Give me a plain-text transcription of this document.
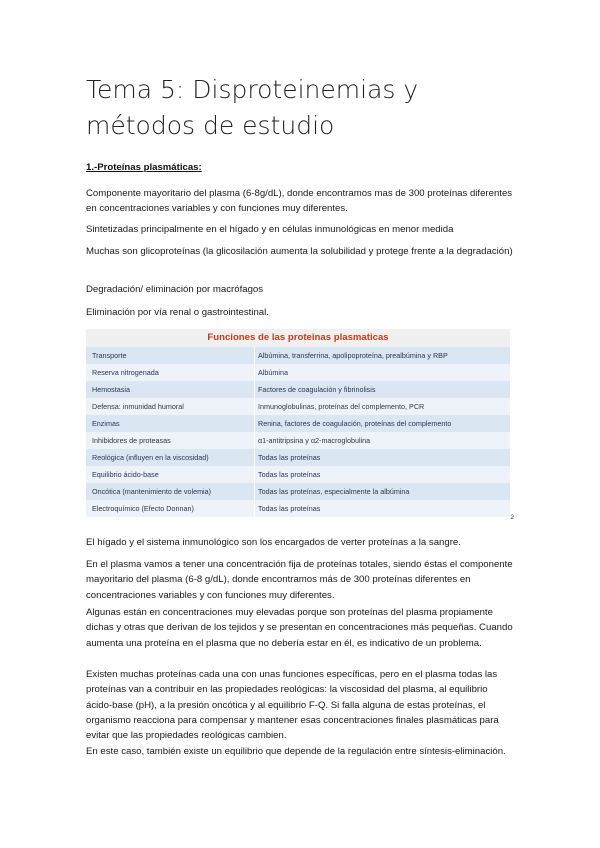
Tema 5: Disproteinemias y métodos de estudio
1.-Proteínas plasmáticas:

Componente mayoritario del plasma (6-8g/dL), donde encontramos mas de 300 proteínas diferentes en concentraciones variables y con funciones muy diferentes.

Sintetizadas principalmente en el hígado y en células inmunológicas en menor medida

Muchas son glicoproteínas (la glicosilación aumenta la solubilidad y protege frente a la degradación)

Degradación/ eliminación por macrófagos

Eliminación por vía renal o gastrointestinal.

Funciones de las proteinas plasmaticas
Transporte	Albúmina, transferrina, apolipoproteína, prealbúmina y RBP
Reserva nitrogenada	Albúmina
Hemostasia	Factores de coagulación y fibrinolisis
Defensa: inmunidad humoral	Inmunoglobulinas, proteínas del complemento, PCR
Enzimas	Renina, factores de coagulación, proteínas del complemento
Inhibidores de proteasas	α1-antitripsina y α2-macroglobulina
Reológica (influyen en la viscosidad)	Todas las proteínas
Equilibrio ácido-base	Todas las proteínas
Oncótica (mantenimiento de volemia)	Todas las proteínas, especialmente la albúmina
Electroquímico (Efecto Donnan)	Todas las proteínas
2

El hígado y el sistema inmunológico son los encargados de verter proteínas a la sangre.

En el plasma vamos a tener una concentración fija de proteínas totales, siendo éstas el componente mayoritario del plasma (6-8 g/dL), donde encontramos más de 300 proteínas diferentes en concentraciones variables y con funciones muy diferentes.

Algunas están en concentraciones muy elevadas porque son proteínas del plasma propiamente dichas y otras que derivan de los tejidos y se presentan en concentraciones más pequeñas. Cuando aumenta una proteína en el plasma que no debería estar en él, es indicativo de un problema.

Existen muchas proteínas cada una con unas funciones específicas, pero en el plasma todas las proteínas van a contribuir en las propiedades reológicas: la viscosidad del plasma, al equilibrio ácido-base (pH), a la presión oncótica y al equilibrio F-Q. Si falla alguna de estas proteínas, el organismo reacciona para compensar y mantener esas concentraciones finales plasmáticas para evitar que las propiedades reológicas cambien.

En este caso, también existe un equilibrio que depende de la regulación entre síntesis-eliminación.
